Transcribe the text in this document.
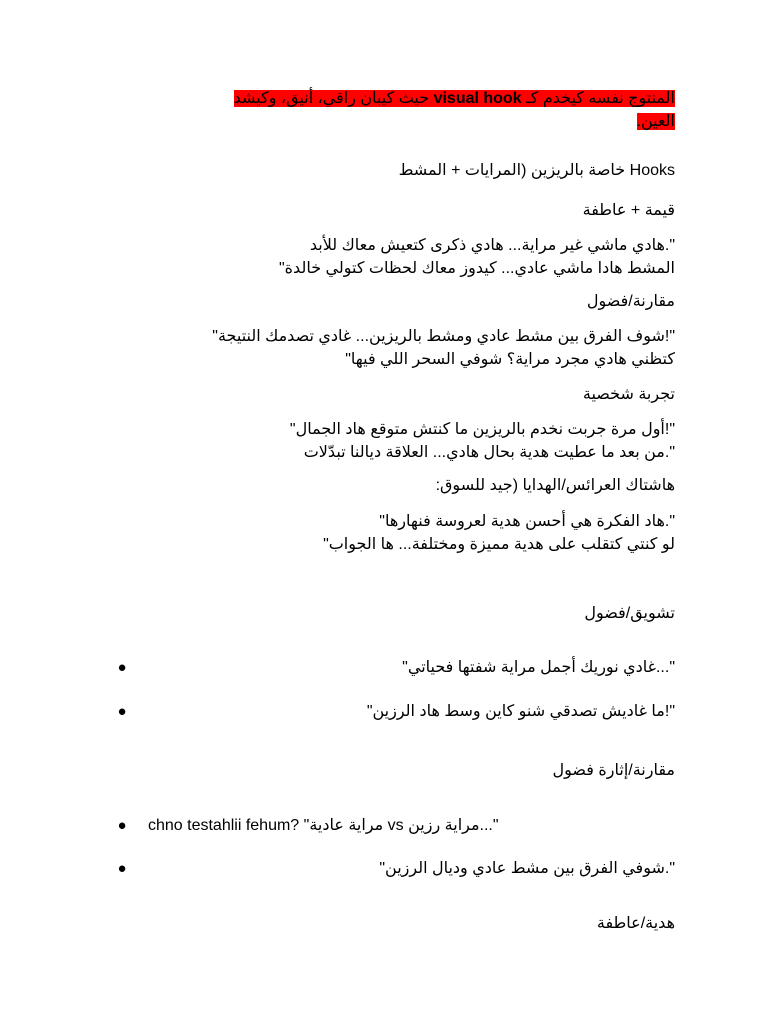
المنتوج نفسه كيخدم كـ visual hook حيث كيبان راقي، أنيق، وكيشد
العين.
Hooks خاصة بالريزين (المرايات + المشط
قيمة + عاطفة
".هادي ماشي غير مراية... هادي ذكرى كتعيش معاك للأبد
المشط هادا ماشي عادي... كيدوز معاك لحظات كتولي خالدة"
مقارنة/فضول
"!شوف الفرق بين مشط عادي ومشط بالريزين... غادي تصدمك النتيجة"
كتظني هادي مجرد مراية؟ شوفي السحر اللي فيها"
تجربة شخصية
"!أول مرة جربت نخدم بالريزين ما كنتش متوقع هاد الجمال"
".من بعد ما عطيت هدية بحال هادي... العلاقة ديالنا تبدّلات
هاشتاك العرائس/الهدايا (جيد للسوق:
".هاد الفكرة هي أحسن هدية لعروسة فنهارها"
لو كنتي كتقلب على هدية مميزة ومختلفة... ها الجواب"
تشويق/فضول
●	"...غادي نوريك أجمل مراية شفتها فحياتي"
●	"!ما غاديش تصدقي شنو كاين وسط هاد الرزين"
مقارنة/إثارة فضول
● chno testahlii fehum? "مراية عادية vs مراية رزين..."
●	".شوفي الفرق بين مشط عادي وديال الرزين"
هدية/عاطفة
